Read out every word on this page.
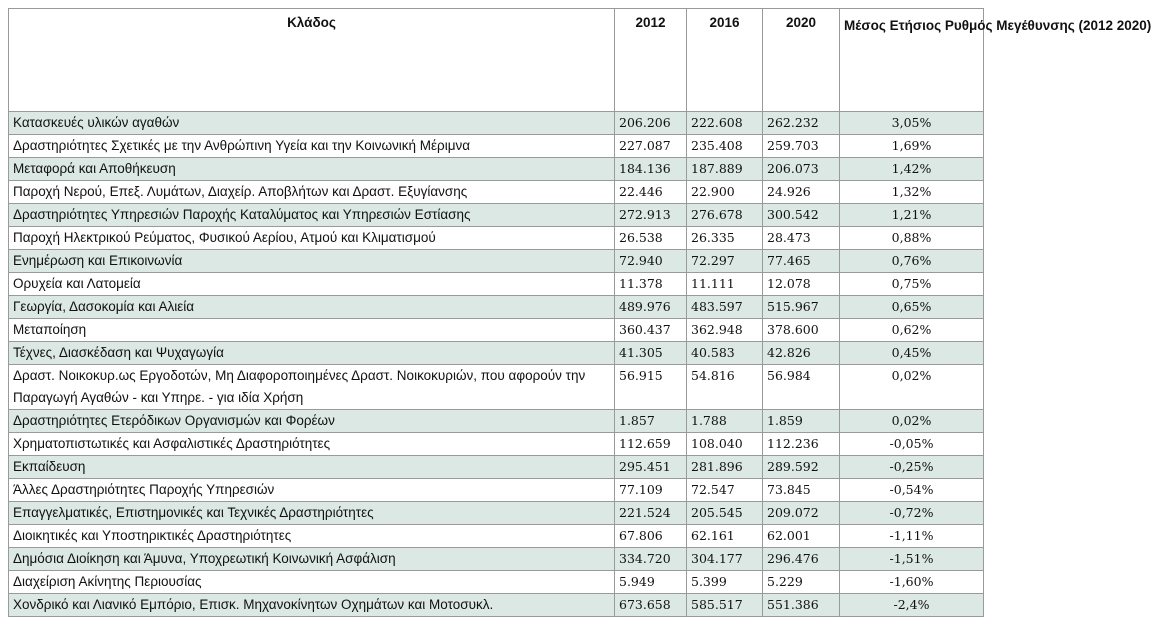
Κλάδος	2012	2016	2020	Μέσος Ετήσιος Ρυθμός Μεγέθυνσης (2012 2020)
Κατασκευές υλικών αγαθών	206.206	222.608	262.232	3,05%
Δραστηριότητες Σχετικές με την Ανθρώπινη Υγεία και την Κοινωνική Μέριμνα	227.087	235.408	259.703	1,69%
Μεταφορά και Αποθήκευση	184.136	187.889	206.073	1,42%
Παροχή Νερού, Επεξ. Λυμάτων, Διαχείρ. Αποβλήτων και Δραστ. Εξυγίανσης	22.446	22.900	24.926	1,32%
Δραστηριότητες Υπηρεσιών Παροχής Καταλύματος και Υπηρεσιών Εστίασης	272.913	276.678	300.542	1,21%
Παροχή Ηλεκτρικού Ρεύματος, Φυσικού Αερίου, Ατμού και Κλιματισμού	26.538	26.335	28.473	0,88%
Ενημέρωση και Επικοινωνία	72.940	72.297	77.465	0,76%
Ορυχεία και Λατομεία	11.378	11.111	12.078	0,75%
Γεωργία, Δασοκομία και Αλιεία	489.976	483.597	515.967	0,65%
Μεταποίηση	360.437	362.948	378.600	0,62%
Τέχνες, Διασκέδαση και Ψυχαγωγία	41.305	40.583	42.826	0,45%
Δραστ. Νοικοκυρ.ως Εργοδοτών, Μη Διαφοροποιημένες Δραστ. Νοικοκυριών, που αφορούν την Παραγωγή Αγαθών - και Υπηρε. - για ιδία Χρήση	56.915	54.816	56.984	0,02%
Δραστηριότητες Ετερόδικων Οργανισμών και Φορέων	1.857	1.788	1.859	0,02%
Χρηματοπιστωτικές και Ασφαλιστικές Δραστηριότητες	112.659	108.040	112.236	-0,05%
Εκπαίδευση	295.451	281.896	289.592	-0,25%
Άλλες Δραστηριότητες Παροχής Υπηρεσιών	77.109	72.547	73.845	-0,54%
Επαγγελματικές, Επιστημονικές και Τεχνικές Δραστηριότητες	221.524	205.545	209.072	-0,72%
Διοικητικές και Υποστηρικτικές Δραστηριότητες	67.806	62.161	62.001	-1,11%
Δημόσια Διοίκηση και Άμυνα, Υποχρεωτική Κοινωνική Ασφάλιση	334.720	304.177	296.476	-1,51%
Διαχείριση Ακίνητης Περιουσίας	5.949	5.399	5.229	-1,60%
Χονδρικό και Λιανικό Εμπόριο, Επισκ. Μηχανοκίνητων Οχημάτων και Μοτοσυκλ.	673.658	585.517	551.386	-2,4%
